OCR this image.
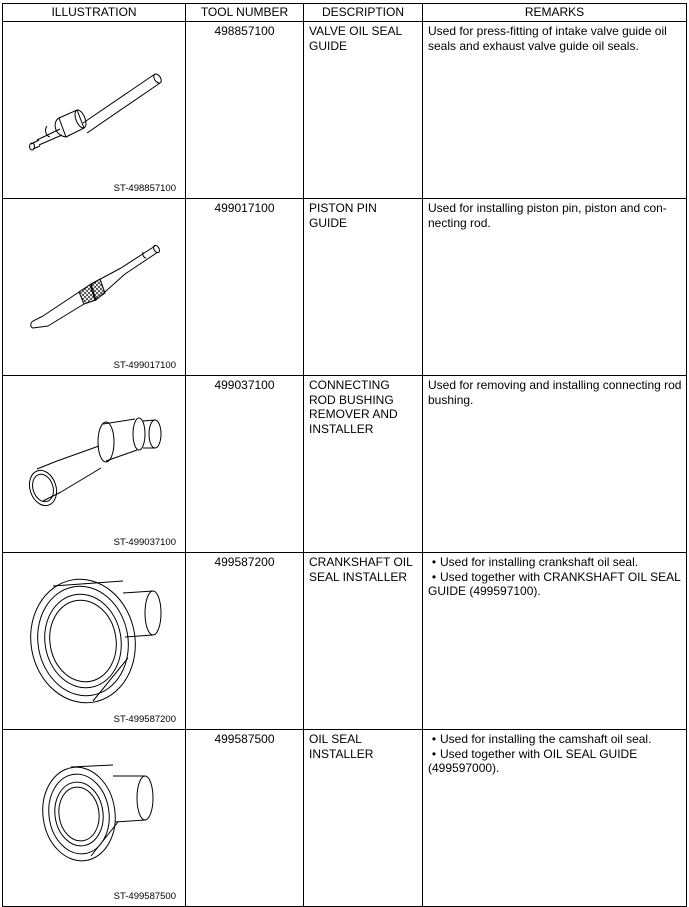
ILLUSTRATION	TOOL NUMBER	DESCRIPTION	REMARKS

ST-498857100	498857100	VALVE OIL SEAL GUIDE	Used for press-fitting of intake valve guide oil seals and exhaust valve guide oil seals.

ST-499017100	499017100	PISTON PIN GUIDE	Used for installing piston pin, piston and con-necting rod.

ST-499037100	499037100	CONNECTING ROD BUSHING REMOVER AND INSTALLER	Used for removing and installing connecting rod bushing.

ST-499587200	499587200	CRANKSHAFT OIL SEAL INSTALLER	• Used for installing crankshaft oil seal.
• Used together with CRANKSHAFT OIL SEAL GUIDE (499597100).

ST-499587500	499587500	OIL SEAL INSTALLER	• Used for installing the camshaft oil seal.
• Used together with OIL SEAL GUIDE (499597000).
